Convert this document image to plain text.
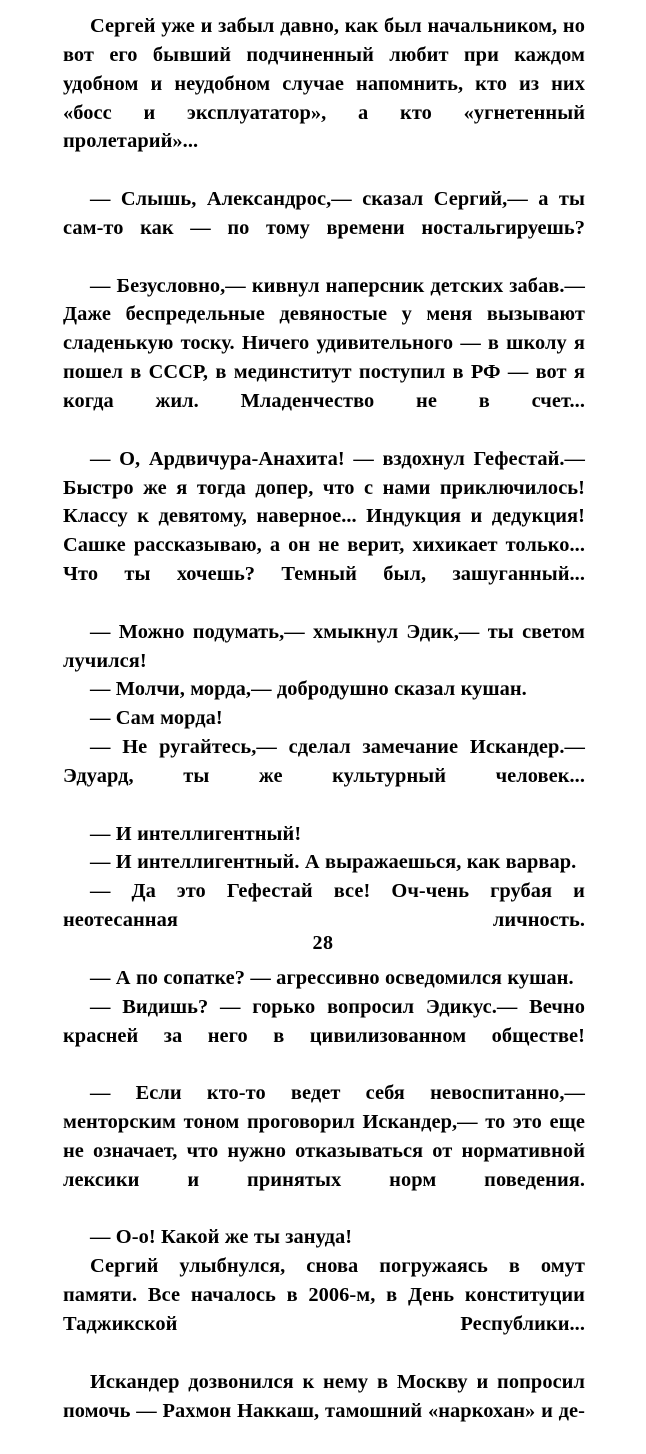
Сергей уже и забыл давно, как был начальником, но вот его бывший подчиненный любит при каждом удобном и неудобном случае напомнить, кто из них «босс и эксплуататор», а кто «угнетенный пролетарий»...

— Слышь, Александрос,— сказал Сергий,— а ты сам-то как — по тому времени ностальгируешь?

— Безусловно,— кивнул наперсник детских забав.— Даже беспредельные девяностые у меня вызывают сладенькую тоску. Ничего удивительного — в школу я пошел в СССР, в мединститут поступил в РФ — вот я когда жил. Младенчество не в счет...

— О, Ардвичура-Анахита! — вздохнул Гефестай.— Быстро же я тогда допер, что с нами приключилось! Классу к девятому, наверное... Индукция и дедукция! Сашке рассказываю, а он не верит, хихикает только... Что ты хочешь? Темный был, зашуганный...

— Можно подумать,— хмыкнул Эдик,— ты светом лучился!

— Молчи, морда,— добродушно сказал кушан.

— Сам морда!

— Не ругайтесь,— сделал замечание Искандер.— Эдуард, ты же культурный человек...

— И интеллигентный!

— И интеллигентный. А выражаешься, как варвар.

— Да это Гефестай все! Оч-чень грубая и неотесанная личность.

— А по сопатке? — агрессивно осведомился кушан.

— Видишь? — горько вопросил Эдикус.— Вечно красней за него в цивилизованном обществе!

— Если кто-то ведет себя невоспитанно,— менторским тоном проговорил Искандер,— то это еще не означает, что нужно отказываться от нормативной лексики и принятых норм поведения.

— О-о! Какой же ты зануда!

Сергий улыбнулся, снова погружаясь в омут памяти. Все началось в 2006-м, в День конституции Таджикской Республики...

Искандер дозвонился к нему в Москву и попросил помочь — Рахмон Наккаш, тамошний «наркохан» и де-

28
